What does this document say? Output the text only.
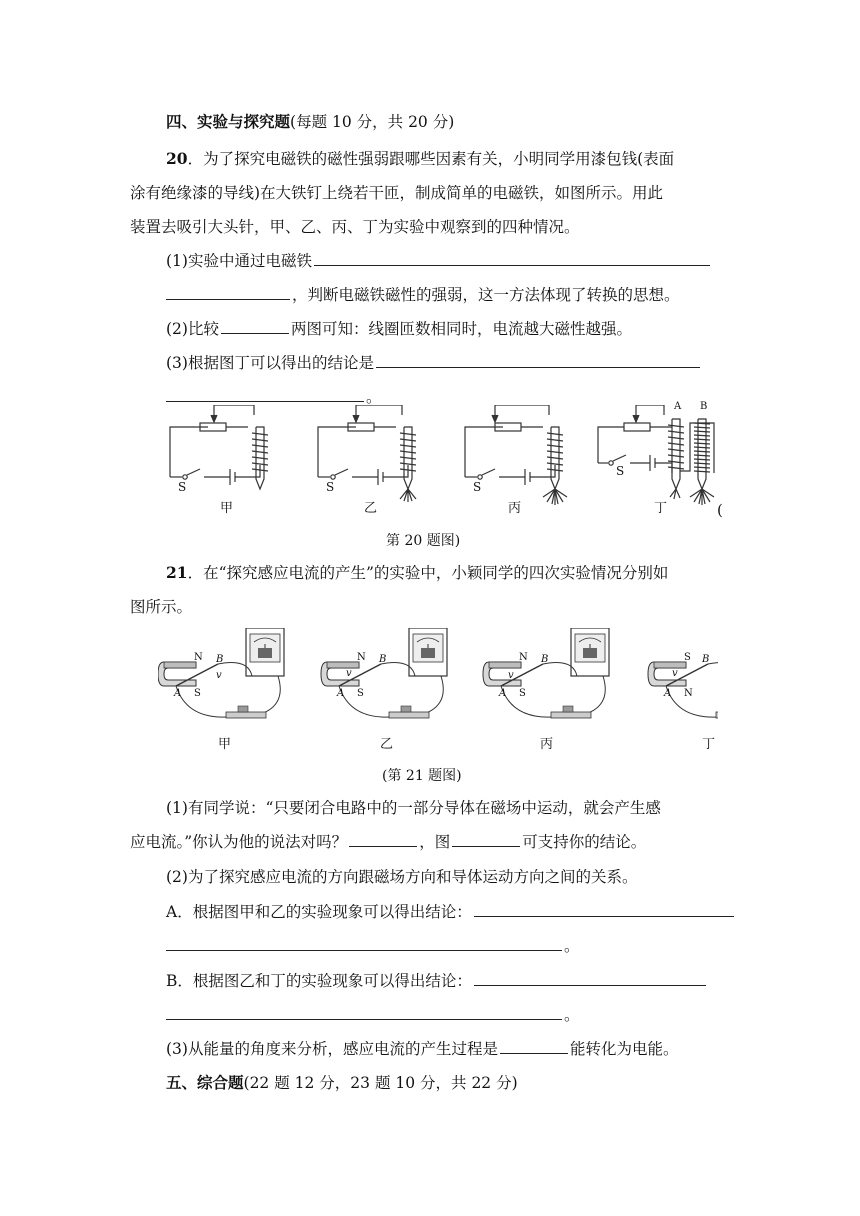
四、实验与探究题(每题 10 分，共 20 分)
20．为了探究电磁铁的磁性强弱跟哪些因素有关，小明同学用漆包钱(表面
涂有绝缘漆的导线)在大铁钉上绕若干匝，制成简单的电磁铁，如图所示。用此
装置去吸引大头针，甲、乙、丙、丁为实验中观察到的四种情况。
(1)实验中通过电磁铁
，判断电磁铁磁性的强弱，这一方法体现了转换的思想。
(2)比较	两图可知：线圈匝数相同时，电流越大磁性越强。
(3)根据图丁可以得出的结论是
。
S	S	S
S
A B
甲	乙	丙	丁	(
第 20 题图)
21．在“探究感应电流的产生”的实验中，小颖同学的四次实验情况分别如
图所示。
N
S
A
B
v
N
S
A
B
v
N
S
A
B
v
S
N
A
B
v
甲	乙	丙	丁
(第 21 题图)
(1)有同学说：“只要闭合电路中的一部分导体在磁场中运动，就会产生感
应电流。”你认为他的说法对吗？	，图	可支持你的结论。
(2)为了探究感应电流的方向跟磁场方向和导体运动方向之间的关系。
A．根据图甲和乙的实验现象可以得出结论：
。
B．根据图乙和丁的实验现象可以得出结论：
。
(3)从能量的角度来分析，感应电流的产生过程是	能转化为电能。
五、综合题(22 题 12 分，23 题 10 分，共 22 分)
